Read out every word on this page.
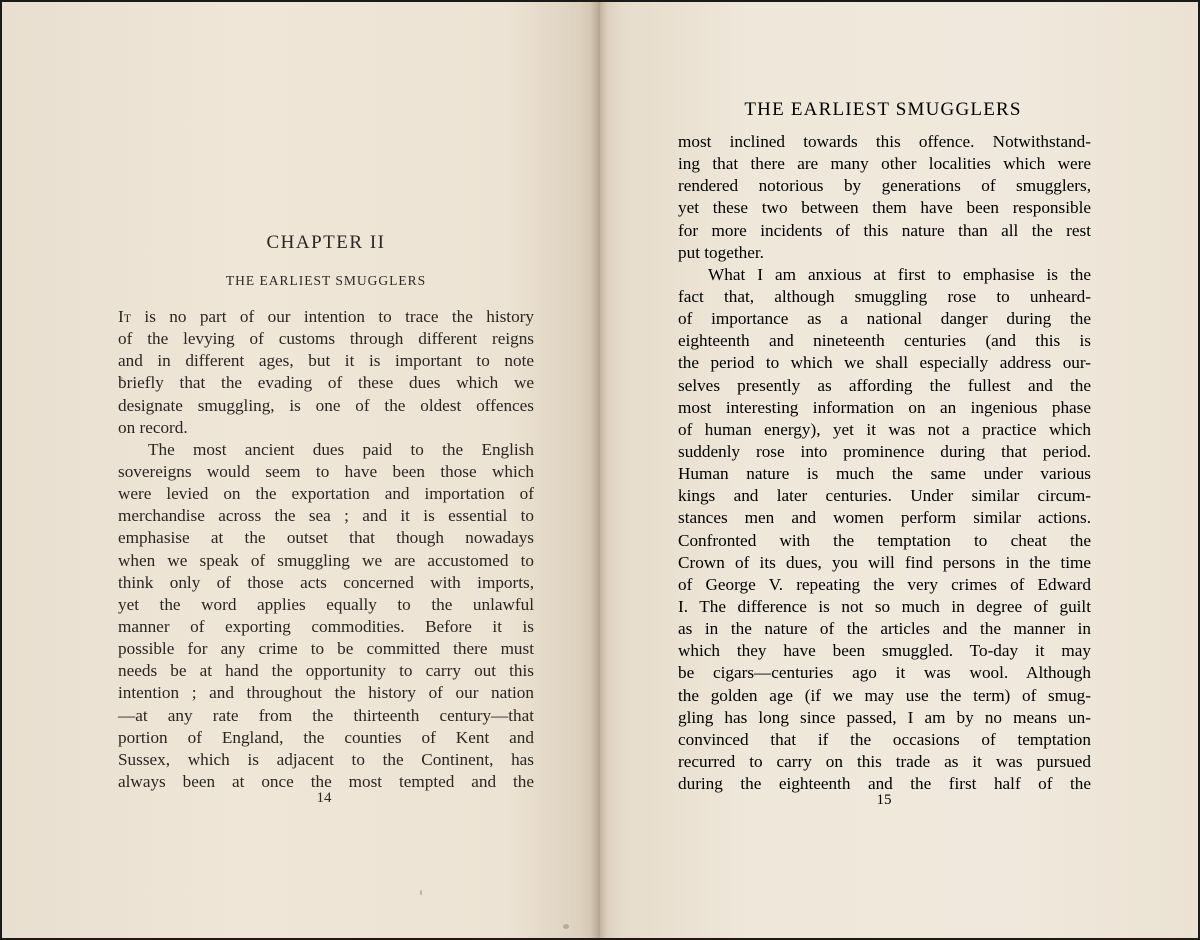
CHAPTER II
THE EARLIEST SMUGGLERS
It is no part of our intention to trace the history
of the levying of customs through different reigns
and in different ages, but it is important to note
briefly that the evading of these dues which we
designate smuggling, is one of the oldest offences
on record.
The most ancient dues paid to the English
sovereigns would seem to have been those which
were levied on the exportation and importation of
merchandise across the sea ; and it is essential to
emphasise at the outset that though nowadays
when we speak of smuggling we are accustomed to
think only of those acts concerned with imports,
yet the word applies equally to the unlawful
manner of exporting commodities. Before it is
possible for any crime to be committed there must
needs be at hand the opportunity to carry out this
intention ; and throughout the history of our nation
—at any rate from the thirteenth century—that
portion of England, the counties of Kent and
Sussex, which is adjacent to the Continent, has
always been at once the most tempted and the
14
THE EARLIEST SMUGGLERS
most inclined towards this offence. Notwithstand-
ing that there are many other localities which were
rendered notorious by generations of smugglers,
yet these two between them have been responsible
for more incidents of this nature than all the rest
put together.
What I am anxious at first to emphasise is the
fact that, although smuggling rose to unheard-
of importance as a national danger during the
eighteenth and nineteenth centuries (and this is
the period to which we shall especially address our-
selves presently as affording the fullest and the
most interesting information on an ingenious phase
of human energy), yet it was not a practice which
suddenly rose into prominence during that period.
Human nature is much the same under various
kings and later centuries. Under similar circum-
stances men and women perform similar actions.
Confronted with the temptation to cheat the
Crown of its dues, you will find persons in the time
of George V. repeating the very crimes of Edward
I. The difference is not so much in degree of guilt
as in the nature of the articles and the manner in
which they have been smuggled. To-day it may
be cigars—centuries ago it was wool. Although
the golden age (if we may use the term) of smug-
gling has long since passed, I am by no means un-
convinced that if the occasions of temptation
recurred to carry on this trade as it was pursued
during the eighteenth and the first half of the
15
